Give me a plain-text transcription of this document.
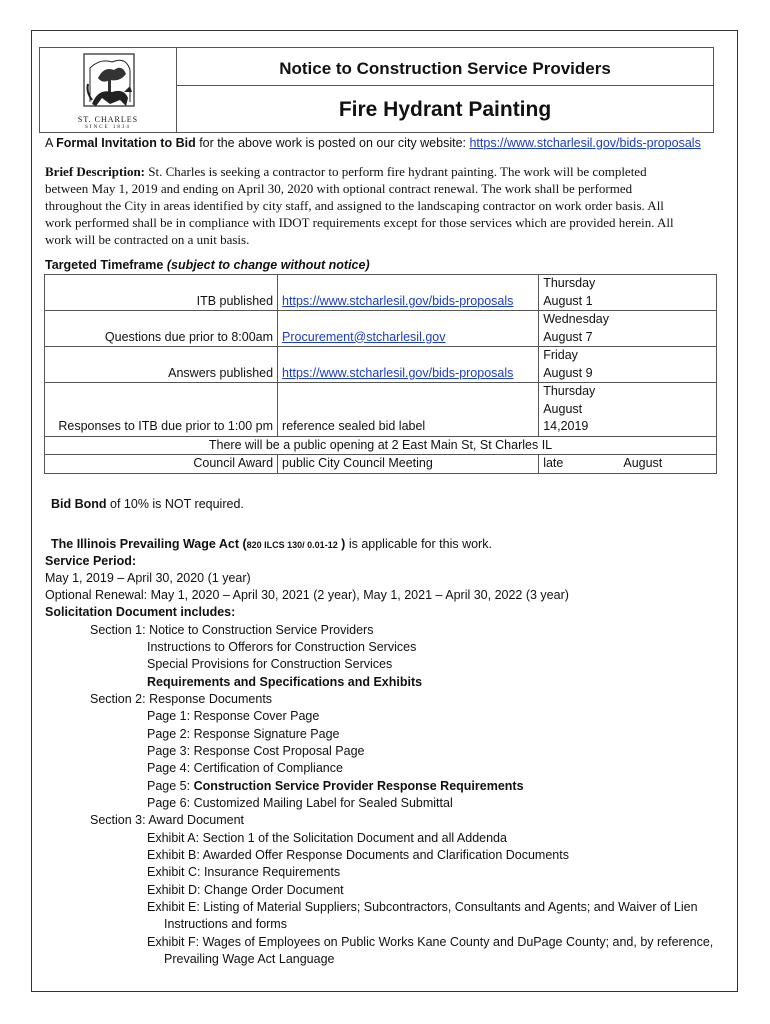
ST. CHARLES
SINCE 1834
Notice to Construction Service Providers
Fire Hydrant Painting
A Formal Invitation to Bid for the above work is posted on our city website: https://www.stcharlesil.gov/bids-proposals
Brief Description: St. Charles is seeking a contractor to perform fire hydrant painting. The work will be completed
between May 1, 2019 and ending on April 30, 2020 with optional contract renewal. The work shall be performed
throughout the City in areas identified by city staff, and assigned to the landscaping contractor on work order basis. All
work performed shall be in compliance with IDOT requirements except for those services which are provided herein. All
work will be contracted on a unit basis.
Targeted Timeframe (subject to change without notice)
ITB published	https://www.stcharlesil.gov/bids-proposals	Thursday
August 1

Questions due prior to 8:00am	Procurement@stcharlesil.gov	Wednesday
August 7

Answers published	https://www.stcharlesil.gov/bids-proposals	Friday
August 9

Responses to ITB due prior to 1:00 pm	reference sealed bid label	Thursday
August
14,2019

There will be a public opening at 2 East Main St, St Charles IL		
Council Award	public City Council Meeting	late August
Bid Bond of 10% is NOT required.
The Illinois Prevailing Wage Act (820 ILCS 130/ 0.01-12 ) is applicable for this work.
Service Period:
May 1, 2019 – April 30, 2020 (1 year)
Optional Renewal: May 1, 2020 – April 30, 2021 (2 year), May 1, 2021 – April 30, 2022 (3 year)
Solicitation Document includes:
Section 1: Notice to Construction Service Providers
Instructions to Offerors for Construction Services
Special Provisions for Construction Services
Requirements and Specifications and Exhibits
Section 2: Response Documents
Page 1: Response Cover Page
Page 2: Response Signature Page
Page 3: Response Cost Proposal Page
Page 4: Certification of Compliance
Page 5: Construction Service Provider Response Requirements
Page 6: Customized Mailing Label for Sealed Submittal
Section 3: Award Document
Exhibit A: Section 1 of the Solicitation Document and all Addenda
Exhibit B: Awarded Offer Response Documents and Clarification Documents
Exhibit C: Insurance Requirements
Exhibit D: Change Order Document
Exhibit E: Listing of Material Suppliers; Subcontractors, Consultants and Agents; and Waiver of Lien
Instructions and forms
Exhibit F: Wages of Employees on Public Works Kane County and DuPage County; and, by reference,
Prevailing Wage Act Language
